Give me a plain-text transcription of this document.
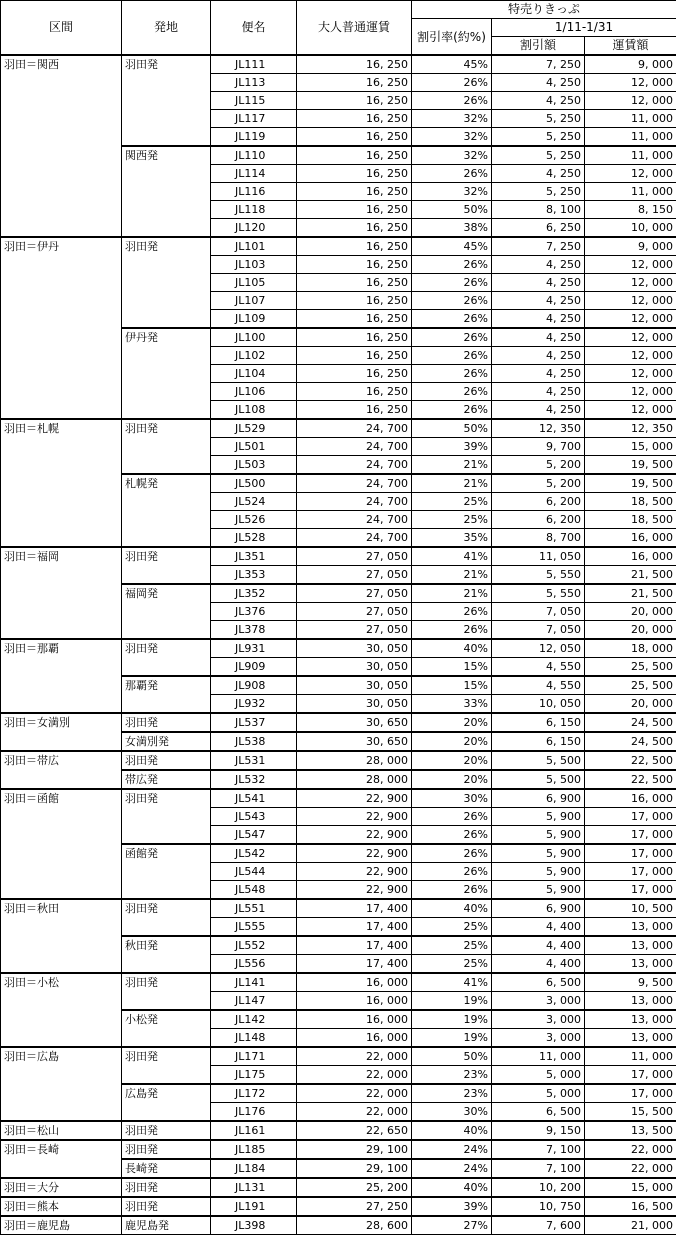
区間	発地	便名	大人普通運賃	特売りきっぷ		
				割引率(約%)	1/11-1/31	
					割引額	運賃額
羽田＝関西	羽田発	JL111	16, 250	45%	7, 250	9, 000
		JL113	16, 250	26%	4, 250	12, 000
		JL115	16, 250	26%	4, 250	12, 000
		JL117	16, 250	32%	5, 250	11, 000
		JL119	16, 250	32%	5, 250	11, 000
	関西発	JL110	16, 250	32%	5, 250	11, 000
		JL114	16, 250	26%	4, 250	12, 000
		JL116	16, 250	32%	5, 250	11, 000
		JL118	16, 250	50%	8, 100	8, 150
		JL120	16, 250	38%	6, 250	10, 000
羽田＝伊丹	羽田発	JL101	16, 250	45%	7, 250	9, 000
		JL103	16, 250	26%	4, 250	12, 000
		JL105	16, 250	26%	4, 250	12, 000
		JL107	16, 250	26%	4, 250	12, 000
		JL109	16, 250	26%	4, 250	12, 000
	伊丹発	JL100	16, 250	26%	4, 250	12, 000
		JL102	16, 250	26%	4, 250	12, 000
		JL104	16, 250	26%	4, 250	12, 000
		JL106	16, 250	26%	4, 250	12, 000
		JL108	16, 250	26%	4, 250	12, 000
羽田＝札幌	羽田発	JL529	24, 700	50%	12, 350	12, 350
		JL501	24, 700	39%	9, 700	15, 000
		JL503	24, 700	21%	5, 200	19, 500
	札幌発	JL500	24, 700	21%	5, 200	19, 500
		JL524	24, 700	25%	6, 200	18, 500
		JL526	24, 700	25%	6, 200	18, 500
		JL528	24, 700	35%	8, 700	16, 000
羽田＝福岡	羽田発	JL351	27, 050	41%	11, 050	16, 000
		JL353	27, 050	21%	5, 550	21, 500
	福岡発	JL352	27, 050	21%	5, 550	21, 500
		JL376	27, 050	26%	7, 050	20, 000
		JL378	27, 050	26%	7, 050	20, 000
羽田＝那覇	羽田発	JL931	30, 050	40%	12, 050	18, 000
		JL909	30, 050	15%	4, 550	25, 500
	那覇発	JL908	30, 050	15%	4, 550	25, 500
		JL932	30, 050	33%	10, 050	20, 000
羽田＝女満別	羽田発	JL537	30, 650	20%	6, 150	24, 500
	女満別発	JL538	30, 650	20%	6, 150	24, 500
羽田＝帯広	羽田発	JL531	28, 000	20%	5, 500	22, 500
	帯広発	JL532	28, 000	20%	5, 500	22, 500
羽田＝函館	羽田発	JL541	22, 900	30%	6, 900	16, 000
		JL543	22, 900	26%	5, 900	17, 000
		JL547	22, 900	26%	5, 900	17, 000
	函館発	JL542	22, 900	26%	5, 900	17, 000
		JL544	22, 900	26%	5, 900	17, 000
		JL548	22, 900	26%	5, 900	17, 000
羽田＝秋田	羽田発	JL551	17, 400	40%	6, 900	10, 500
		JL555	17, 400	25%	4, 400	13, 000
	秋田発	JL552	17, 400	25%	4, 400	13, 000
		JL556	17, 400	25%	4, 400	13, 000
羽田＝小松	羽田発	JL141	16, 000	41%	6, 500	9, 500
		JL147	16, 000	19%	3, 000	13, 000
	小松発	JL142	16, 000	19%	3, 000	13, 000
		JL148	16, 000	19%	3, 000	13, 000
羽田＝広島	羽田発	JL171	22, 000	50%	11, 000	11, 000
		JL175	22, 000	23%	5, 000	17, 000
	広島発	JL172	22, 000	23%	5, 000	17, 000
		JL176	22, 000	30%	6, 500	15, 500
羽田＝松山	羽田発	JL161	22, 650	40%	9, 150	13, 500
羽田＝長崎	羽田発	JL185	29, 100	24%	7, 100	22, 000
	長崎発	JL184	29, 100	24%	7, 100	22, 000
羽田＝大分	羽田発	JL131	25, 200	40%	10, 200	15, 000
羽田＝熊本	羽田発	JL191	27, 250	39%	10, 750	16, 500
羽田＝鹿児島	鹿児島発	JL398	28, 600	27%	7, 600	21, 000
